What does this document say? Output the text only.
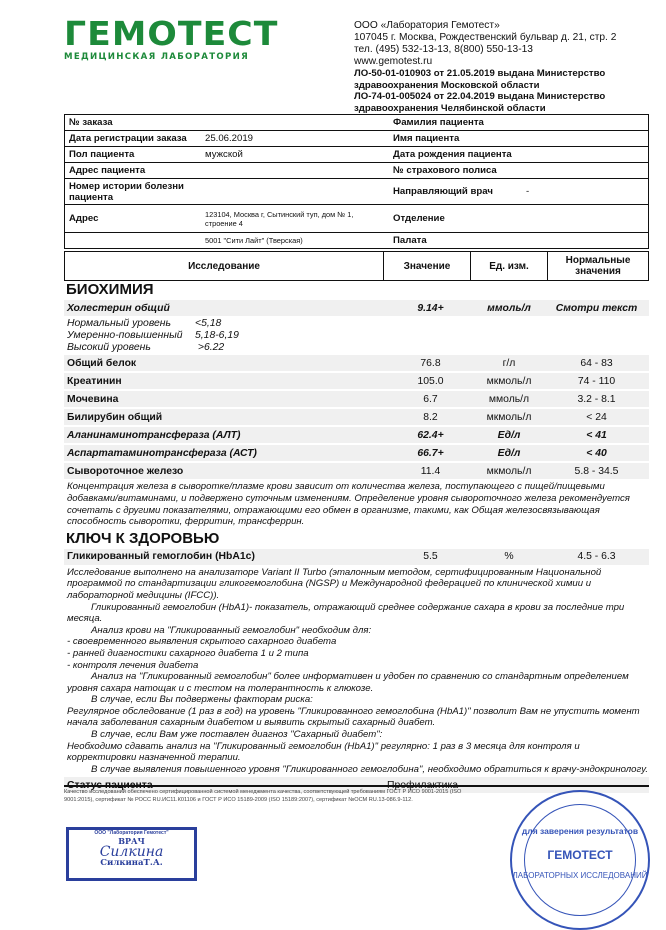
ГЕМОТЕСТ
МЕДИЦИНСКАЯ ЛАБОРАТОРИЯ
ООО «Лаборатория Гемотест»
107045 г. Москва, Рождественский бульвар д. 21, стр. 2
тел. (495) 532-13-13, 8(800) 550-13-13
www.gemotest.ru
ЛО-50-01-010903 от 21.05.2019 выдана Министерство здравоохранения Московской области
ЛО-74-01-005024 от 22.04.2019 выдана Министерство здравоохранения Челябинской области
№ заказа		Фамилия пациента	
Дата регистрации заказа	25.06.2019	Имя пациента	
Пол пациента	мужской	Дата рождения пациента	
Адрес пациента		№ страхового полиса	
Номер истории болезни пациента		Направляющий врач	-
Адрес	123104, Москва г, Сытинский туп, дом № 1, строение 4	Отделение	
	5001 "Сити Лайт" (Тверская)	Палата	
Исследование	Значение	Ед. изм.	Нормальные значения
БИОХИМИЯ
Холестерин общий	9.14+	ммоль/л	Смотри текст
Нормальный уровень <5,18
Умеренно-повышенный 5,18-6,19
Высокий уровень	>6.22
Общий белок	76.8	г/л	64 - 83
Креатинин	105.0	мкмоль/л	74 - 110
Мочевина	6.7	ммоль/л	3.2 - 8.1
Билирубин общий	8.2	мкмоль/л	< 24
Аланинаминотрансфераза (АЛТ)	62.4+	Ед/л	< 41
Аспартатаминотрансфераза (АСТ)	66.7+	Ед/л	< 40
Сывороточное железо	11.4	мкмоль/л	5.8 - 34.5
Концентрация железа в сыворотке/плазме крови зависит от количества железа, поступающего с пищей/пищевыми добавками/витаминами, и подвержено суточным изменениям. Определение уровня сывороточного железа рекомендуется сочетать с другими показателями, отражающими его обмен в организме, такими, как Общая железосвязывающая способность сыворотки, ферритин, трансферрин.
КЛЮЧ К ЗДОРОВЬЮ
Гликированный гемоглобин (HbA1c)	5.5	%	4.5 - 6.3
Исследование выполнено на анализаторе Variant II Turbo (эталонным методом, сертифицированным Национальной программой по стандартизации гликогемоглобина (NGSP) и Международной федерацией по клинической химии и лабораторной медицины (IFCC)).
Гликированный гемоглобин (HbA1)- показатель, отражающий среднее содержание сахара в крови за последние три месяца.
Анализ крови на "Гликированный гемоглобин" необходим для:
- своевременного выявления скрытого сахарного диабета
- ранней диагностики сахарного диабета 1 и 2 типа
- контроля лечения диабета
Анализ на "Гликированный гемоглобин" более информативен и удобен по сравнению со стандартным определением уровня сахара натощак и с тестом на толерантность к глюкозе.
В случае, если Вы подвержены факторам риска:
Регулярное обследование (1 раз в год) на уровень "Гликированного гемоглобина (HbA1)" позволит Вам не упустить момент начала заболевания сахарным диабетом и выявить скрытый сахарный диабет.
В случае, если Вам уже поставлен диагноз "Сахарный диабет":
Необходимо сдавать анализ на "Гликированный гемоглобин (HbA1)" регулярно: 1 раз в 3 месяца для контроля и корректировки назначенной терапии.
В случае выявления повышенного уровня "Гликированного гемоглобина", необходимо обратиться к врачу-эндокринологу.
Статус пациента	Профилактика
Качество исследований обеспечено сертифицированной системой менеджмента качества, соответствующей требованиям ГОСТ Р ИСО 9001-2015 (ISO 9001:2015), сертификат № РОСС RU.ИС11.К01106 и ГОСТ Р ИСО 15189-2009 (ISO 15189:2007), сертификат №ОСМ RU.13-086.9-112.
ООО "Лаборатория Гемотест"
ВРАЧ
Силкина
СилкинаТ.А.
для заверения результатов
ГЕМОТЕСТ
ЛАБОРАТОРНЫХ ИССЛЕДОВАНИЙ
